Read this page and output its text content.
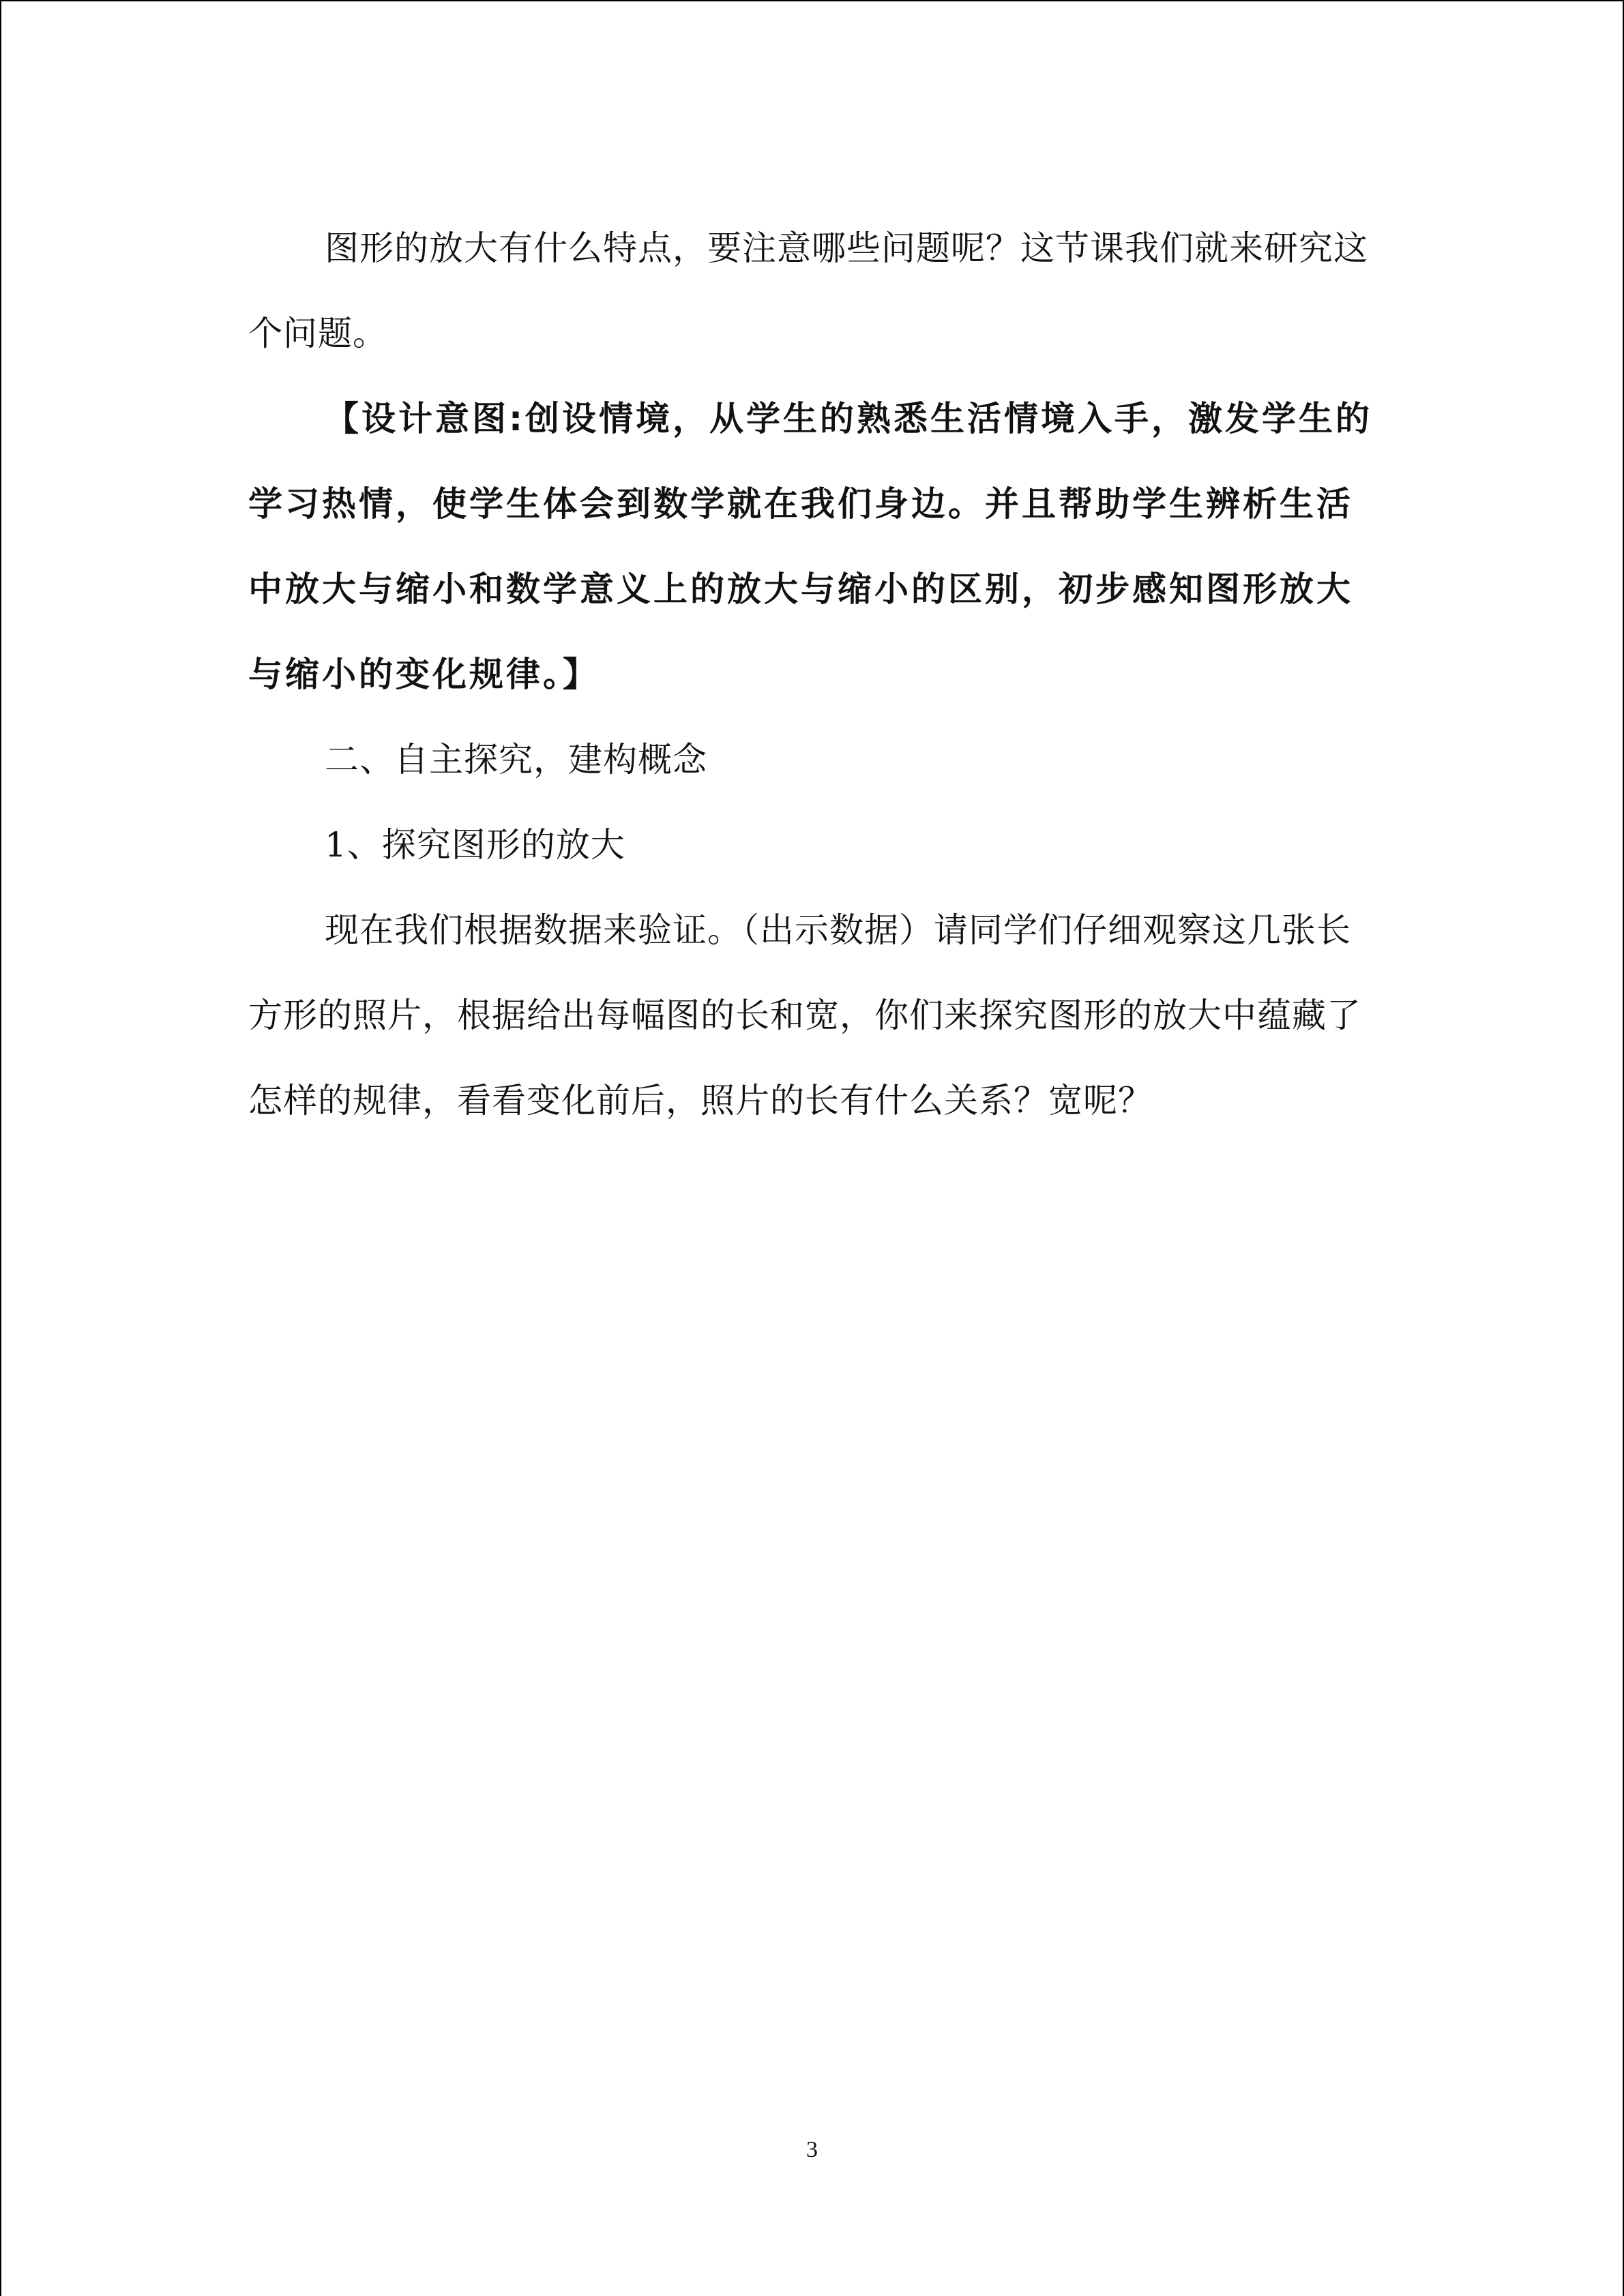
图形的放大有什么特点，要注意哪些问题呢？这节课我们就来研究这个问题。

【设计意图:创设情境，从学生的熟悉生活情境入手，激发学生的学习热情，使学生体会到数学就在我们身边。并且帮助学生辨析生活中放大与缩小和数学意义上的放大与缩小的区别，初步感知图形放大与缩小的变化规律。】

二、自主探究，建构概念

1、探究图形的放大

现在我们根据数据来验证。（出示数据）请同学们仔细观察这几张长方形的照片，根据给出每幅图的长和宽，你们来探究图形的放大中蕴藏了怎样的规律，看看变化前后，照片的长有什么关系？宽呢？

3
